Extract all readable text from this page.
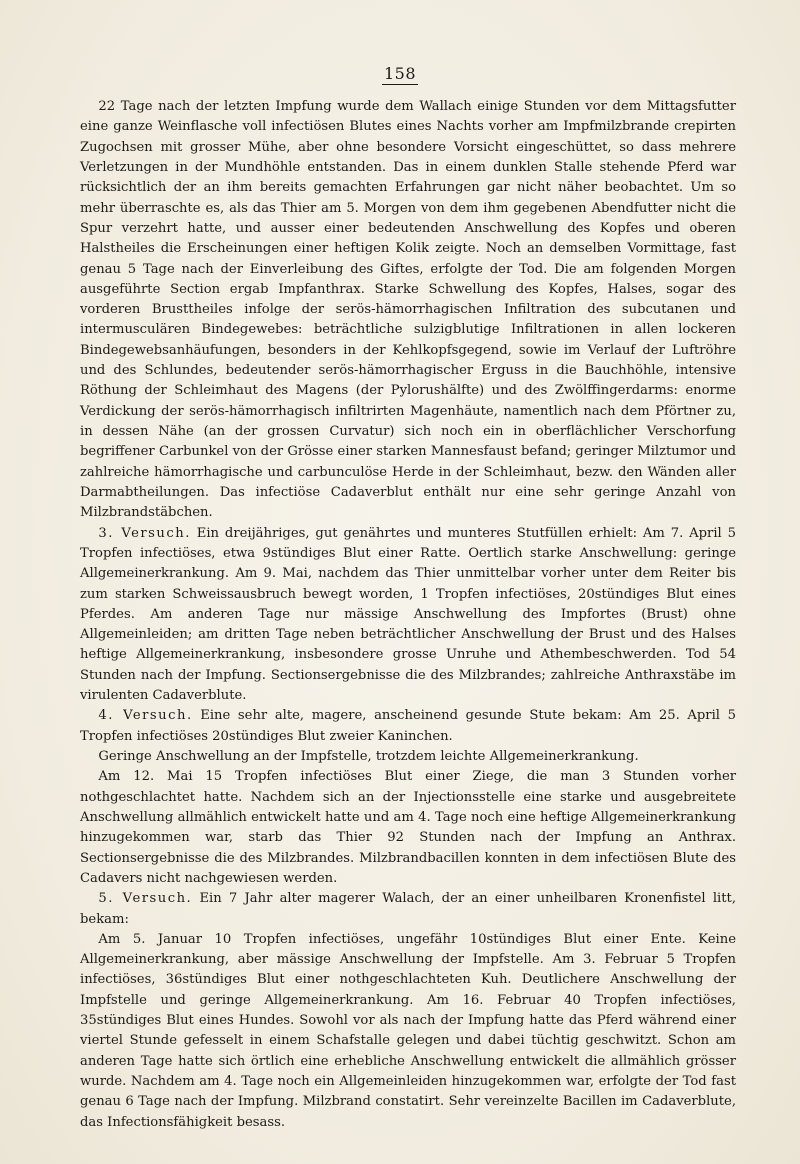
158

22 Tage nach der letzten Impfung wurde dem Wallach einige Stunden vor dem Mittagsfutter eine ganze Weinflasche voll infectiösen Blutes eines Nachts vorher am Impfmilzbrande crepirten Zugochsen mit grosser Mühe, aber ohne besondere Vorsicht eingeschüttet, so dass mehrere Verletzungen in der Mundhöhle entstanden. Das in einem dunklen Stalle stehende Pferd war rücksichtlich der an ihm bereits gemachten Erfahrungen gar nicht näher beobachtet. Um so mehr überraschte es, als das Thier am 5. Morgen von dem ihm gegebenen Abendfutter nicht die Spur verzehrt hatte, und ausser einer bedeutenden Anschwellung des Kopfes und oberen Halstheiles die Erscheinungen einer heftigen Kolik zeigte. Noch an demselben Vormittage, fast genau 5 Tage nach der Einverleibung des Giftes, erfolgte der Tod. Die am folgenden Morgen ausgeführte Section ergab Impfanthrax. Starke Schwellung des Kopfes, Halses, sogar des vorderen Brusttheiles infolge der serös-hämorrhagischen Infiltration des subcutanen und intermusculären Bindegewebes: beträchtliche sulzigblutige Infiltrationen in allen lockeren Bindegewebsanhäufungen, besonders in der Kehlkopfsgegend, sowie im Verlauf der Luftröhre und des Schlundes, bedeutender serös-hämorrhagischer Erguss in die Bauchhöhle, intensive Röthung der Schleimhaut des Magens (der Pylorushälfte) und des Zwölffingerdarms: enorme Verdickung der serös-hämorrhagisch infiltrirten Magenhäute, namentlich nach dem Pförtner zu, in dessen Nähe (an der grossen Curvatur) sich noch ein in oberflächlicher Verschorfung begriffener Carbunkel von der Grösse einer starken Mannesfaust befand; geringer Milztumor und zahlreiche hämorrhagische und carbunculöse Herde in der Schleimhaut, bezw. den Wänden aller Darmabtheilungen. Das infectiöse Cadaverblut enthält nur eine sehr geringe Anzahl von Milzbrandstäbchen.

3. Versuch. Ein dreijähriges, gut genährtes und munteres Stutfüllen erhielt: Am 7. April 5 Tropfen infectiöses, etwa 9stündiges Blut einer Ratte. Oertlich starke Anschwellung: geringe Allgemeinerkrankung. Am 9. Mai, nachdem das Thier unmittelbar vorher unter dem Reiter bis zum starken Schweissausbruch bewegt worden, 1 Tropfen infectiöses, 20stündiges Blut eines Pferdes. Am anderen Tage nur mässige Anschwellung des Impfortes (Brust) ohne Allgemeinleiden; am dritten Tage neben beträchtlicher Anschwellung der Brust und des Halses heftige Allgemeinerkrankung, insbesondere grosse Unruhe und Athembeschwerden. Tod 54 Stunden nach der Impfung. Sectionsergebnisse die des Milzbrandes; zahlreiche Anthraxstäbe im virulenten Cadaverblute.

4. Versuch. Eine sehr alte, magere, anscheinend gesunde Stute bekam: Am 25. April 5 Tropfen infectiöses 20stündiges Blut zweier Kaninchen.

Geringe Anschwellung an der Impfstelle, trotzdem leichte Allgemeinerkrankung.

Am 12. Mai 15 Tropfen infectiöses Blut einer Ziege, die man 3 Stunden vorher nothgeschlachtet hatte. Nachdem sich an der Injectionsstelle eine starke und ausgebreitete Anschwellung allmählich entwickelt hatte und am 4. Tage noch eine heftige Allgemeinerkrankung hinzugekommen war, starb das Thier 92 Stunden nach der Impfung an Anthrax. Sectionsergebnisse die des Milzbrandes. Milzbrandbacillen konnten in dem infectiösen Blute des Cadavers nicht nachgewiesen werden.

5. Versuch. Ein 7 Jahr alter magerer Walach, der an einer unheilbaren Kronenfistel litt, bekam:

Am 5. Januar 10 Tropfen infectiöses, ungefähr 10stündiges Blut einer Ente. Keine Allgemeinerkrankung, aber mässige Anschwellung der Impfstelle. Am 3. Februar 5 Tropfen infectiöses, 36stündiges Blut einer nothgeschlachteten Kuh. Deutlichere Anschwellung der Impfstelle und geringe Allgemeinerkrankung. Am 16. Februar 40 Tropfen infectiöses, 35stündiges Blut eines Hundes. Sowohl vor als nach der Impfung hatte das Pferd während einer viertel Stunde gefesselt in einem Schafstalle gelegen und dabei tüchtig geschwitzt. Schon am anderen Tage hatte sich örtlich eine erhebliche Anschwellung entwickelt die allmählich grösser wurde. Nachdem am 4. Tage noch ein Allgemeinleiden hinzugekommen war, erfolgte der Tod fast genau 6 Tage nach der Impfung. Milzbrand constatirt. Sehr vereinzelte Bacillen im Cadaverblute, das Infectionsfähigkeit besass.
